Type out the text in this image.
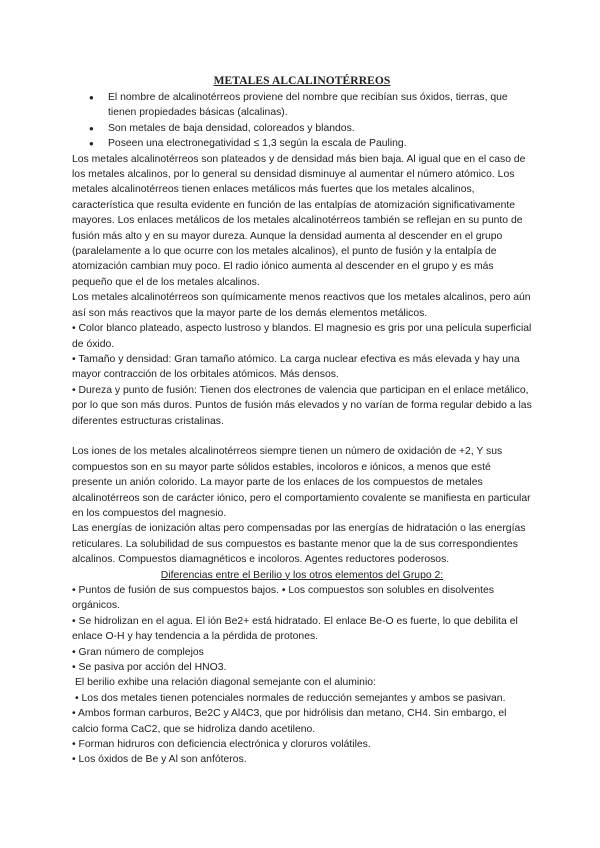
METALES ALCALINOTÉRREOS
● El nombre de alcalinotérreos proviene del nombre que recibían sus óxidos, tierras, que tienen propiedades básicas (alcalinas).
● Son metales de baja densidad, coloreados y blandos.
● Poseen una electronegatividad ≤ 1,3 según la escala de Pauling.

Los metales alcalinotérreos son plateados y de densidad más bien baja. Al igual que en el caso de los metales alcalinos, por lo general su densidad disminuye al aumentar el número atómico. Los metales alcalinotérreos tienen enlaces metálicos más fuertes que los metales alcalinos, característica que resulta evidente en función de las entalpías de atomización significativamente mayores. Los enlaces metálicos de los metales alcalinotérreos también se reflejan en su punto de fusión más alto y en su mayor dureza. Aunque la densidad aumenta al descender en el grupo (paralelamente a lo que ocurre con los metales alcalinos), el punto de fusión y la entalpía de atomización cambian muy poco. El radio iónico aumenta al descender en el grupo y es más pequeño que el de los metales alcalinos.

Los metales alcalinotérreos son químicamente menos reactivos que los metales alcalinos, pero aún así son más reactivos que la mayor parte de los demás elementos metálicos.

• Color blanco plateado, aspecto lustroso y blandos. El magnesio es gris por una película superficial de óxido.

• Tamaño y densidad: Gran tamaño atómico. La carga nuclear efectiva es más elevada y hay una mayor contracción de los orbitales atómicos. Más densos.

• Dureza y punto de fusión: Tienen dos electrones de valencia que participan en el enlace metálico, por lo que son más duros. Puntos de fusión más elevados y no varían de forma regular debido a las diferentes estructuras cristalinas.

Los iones de los metales alcalinotérreos siempre tienen un número de oxidación de +2, Y sus compuestos son en su mayor parte sólidos estables, incoloros e iónicos, a menos que esté presente un anión colorido. La mayor parte de los enlaces de los compuestos de metales alcalinotérreos son de carácter iónico, pero el comportamiento covalente se manifiesta en particular en los compuestos del magnesio.

Las energías de ionización altas pero compensadas por las energías de hidratación o las energías reticulares. La solubilidad de sus compuestos es bastante menor que la de sus correspondientes alcalinos. Compuestos diamagnéticos e incoloros. Agentes reductores poderosos.

Diferencias entre el Berilio y los otros elementos del Grupo 2:

• Puntos de fusión de sus compuestos bajos. • Los compuestos son solubles en disolventes orgánicos.

• Se hidrolizan en el agua. El ión Be2+ está hidratado. El enlace Be-O es fuerte, lo que debilita el enlace O-H y hay tendencia a la pérdida de protones.

• Gran número de complejos

• Se pasiva por acción del HNO3.

El berilio exhibe una relación diagonal semejante con el aluminio:

• Los dos metales tienen potenciales normales de reducción semejantes y ambos se pasivan.

• Ambos forman carburos, Be2C y Al4C3, que por hidrólisis dan metano, CH4. Sin embargo, el calcio forma CaC2, que se hidroliza dando acetileno.

• Forman hidruros con deficiencia electrónica y cloruros volátiles.

• Los óxidos de Be y Al son anfóteros.
